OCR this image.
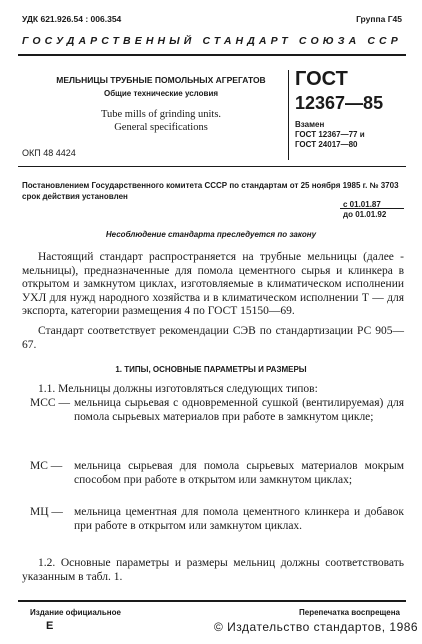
УДК 621.926.54 : 006.354	Группа Г45
ГОСУДАРСТВЕННЫЙ СТАНДАРТ СОЮЗА ССР
МЕЛЬНИЦЫ ТРУБНЫЕ ПОМОЛЬНЫХ АГРЕГАТОВ
Общие технические условия
Tube mills of grinding units.
General specifications
ГОСТ
12367—85
Взамен
ГОСТ 12367—77 и
ГОСТ 24017—80
ОКП 48 4424
Постановлением Государственного комитета СССР по стандартам от 25 ноября 1985 г. № 3703 срок действия установлен
с 01.01.87
до 01.01.92
Несоблюдение стандарта преследуется по закону
Настоящий стандарт распространяется на трубные мельницы (далее - мельницы), предназначенные для помола цементного сырья и клинкера в открытом и замкнутом циклах, изготовляемые в климатическом исполнении УХЛ для нужд народного хозяйства и в климатическом исполнении Т — для экспорта, категории размещения 4 по ГОСТ 15150—69.
Стандарт соответствует рекомендации СЭВ по стандартизации РС 905—67.
1. ТИПЫ, ОСНОВНЫЕ ПАРАМЕТРЫ И РАЗМЕРЫ
1.1. Мельницы должны изготовляться следующих типов:
МСС — мельница сырьевая с одновременной сушкой (вентилируемая) для помола сырьевых материалов при работе в замкнутом цикле;
МС —	мельница сырьевая для помола сырьевых материалов мокрым способом при работе в открытом или замкнутом циклах;
МЦ — мельница цементная для помола цементного клинкера и добавок при работе в открытом или замкнутом циклах.
1.2. Основные параметры и размеры мельниц должны соответствовать указанным в табл. 1.
Издание официальное	Перепечатка воспрещена
E	© Издательство стандартов, 1986
